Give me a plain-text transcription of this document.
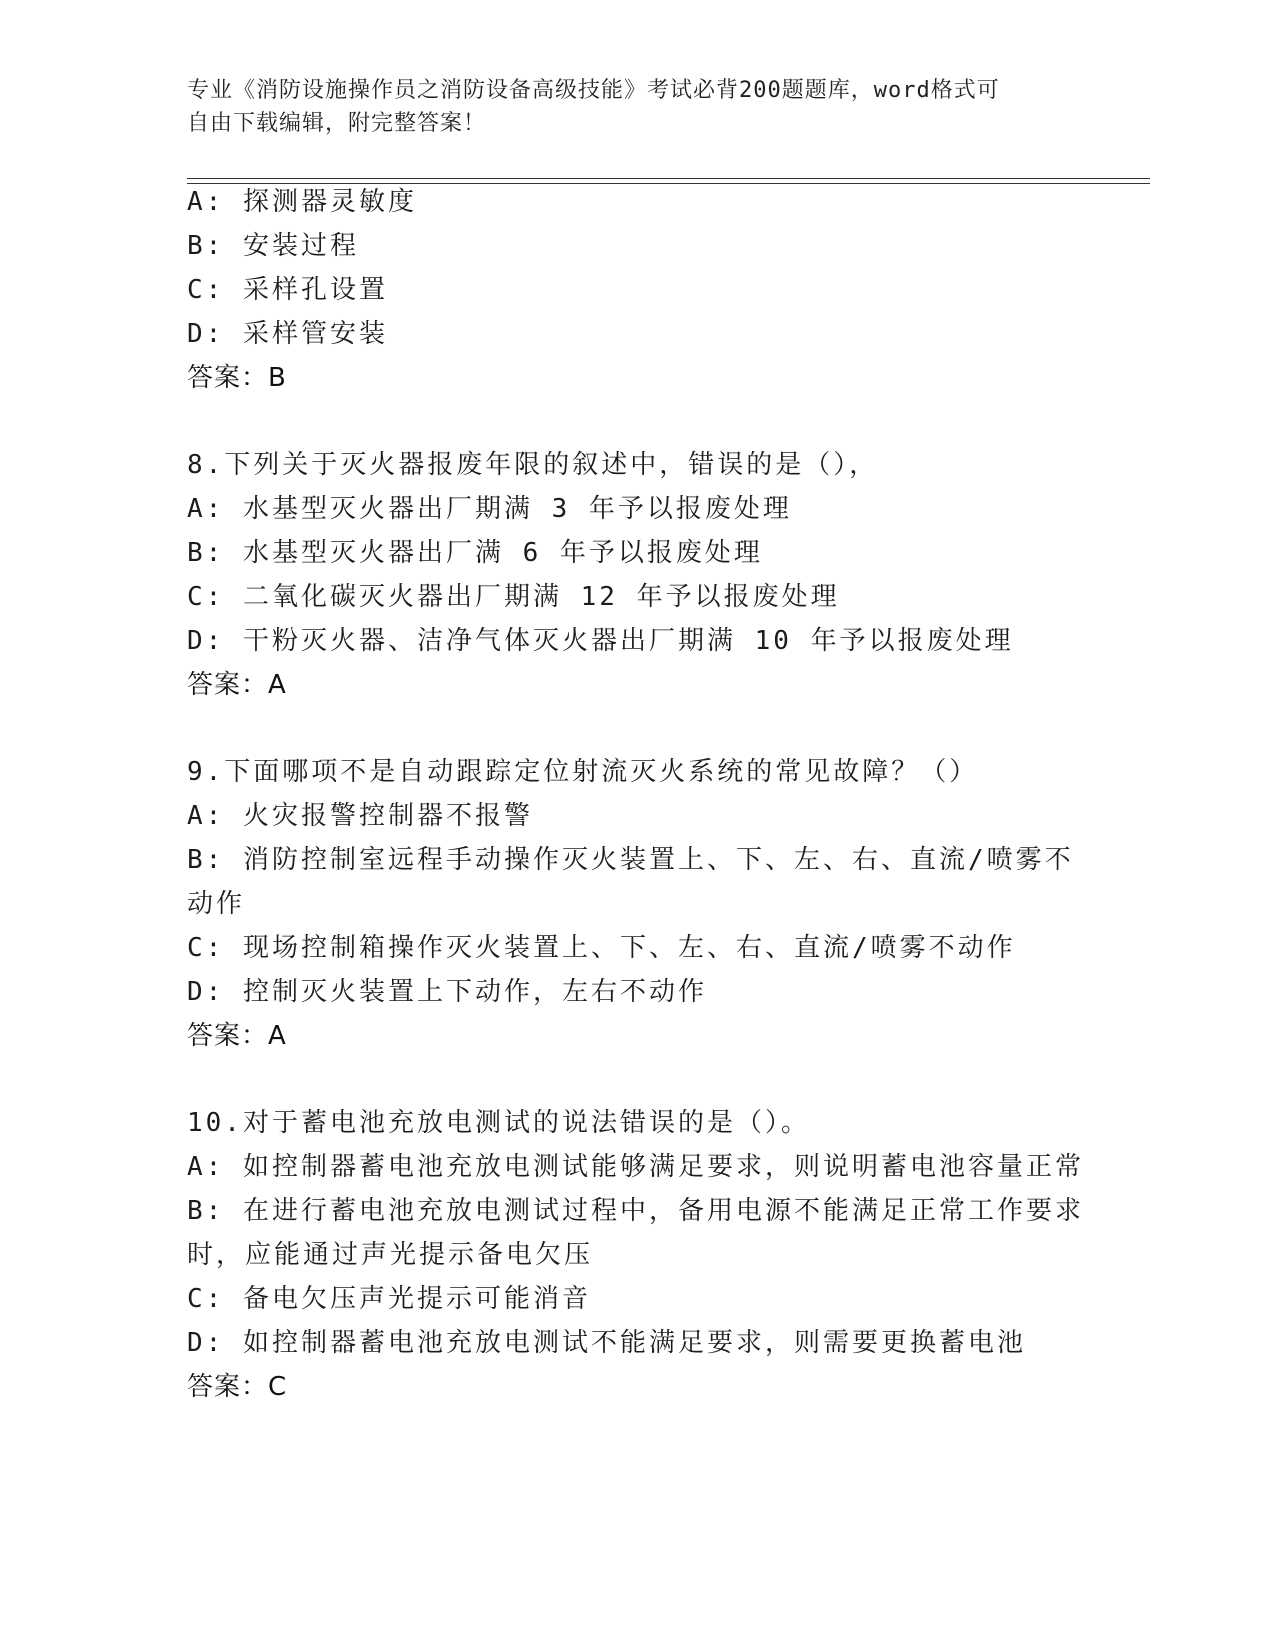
专业《消防设施操作员之消防设备高级技能》考试必背200题题库，word格式可
自由下载编辑，附完整答案！
A: 探测器灵敏度
B: 安装过程
C: 采样孔设置
D: 采样管安装
答案：B
8.下列关于灭火器报废年限的叙述中，错误的是（），
A: 水基型灭火器出厂期满 3 年予以报废处理
B: 水基型灭火器出厂满 6 年予以报废处理
C: 二氧化碳灭火器出厂期满 12 年予以报废处理
D: 干粉灭火器、洁净气体灭火器出厂期满 10 年予以报废处理
答案：A
9.下面哪项不是自动跟踪定位射流灭火系统的常见故障？（）
A: 火灾报警控制器不报警
B: 消防控制室远程手动操作灭火装置上、下、左、右、直流/喷雾不
动作
C: 现场控制箱操作灭火装置上、下、左、右、直流/喷雾不动作
D: 控制灭火装置上下动作，左右不动作
答案：A
10.对于蓄电池充放电测试的说法错误的是（）。
A: 如控制器蓄电池充放电测试能够满足要求，则说明蓄电池容量正常
B: 在进行蓄电池充放电测试过程中，备用电源不能满足正常工作要求
时，应能通过声光提示备电欠压
C: 备电欠压声光提示可能消音
D: 如控制器蓄电池充放电测试不能满足要求，则需要更换蓄电池
答案：C
